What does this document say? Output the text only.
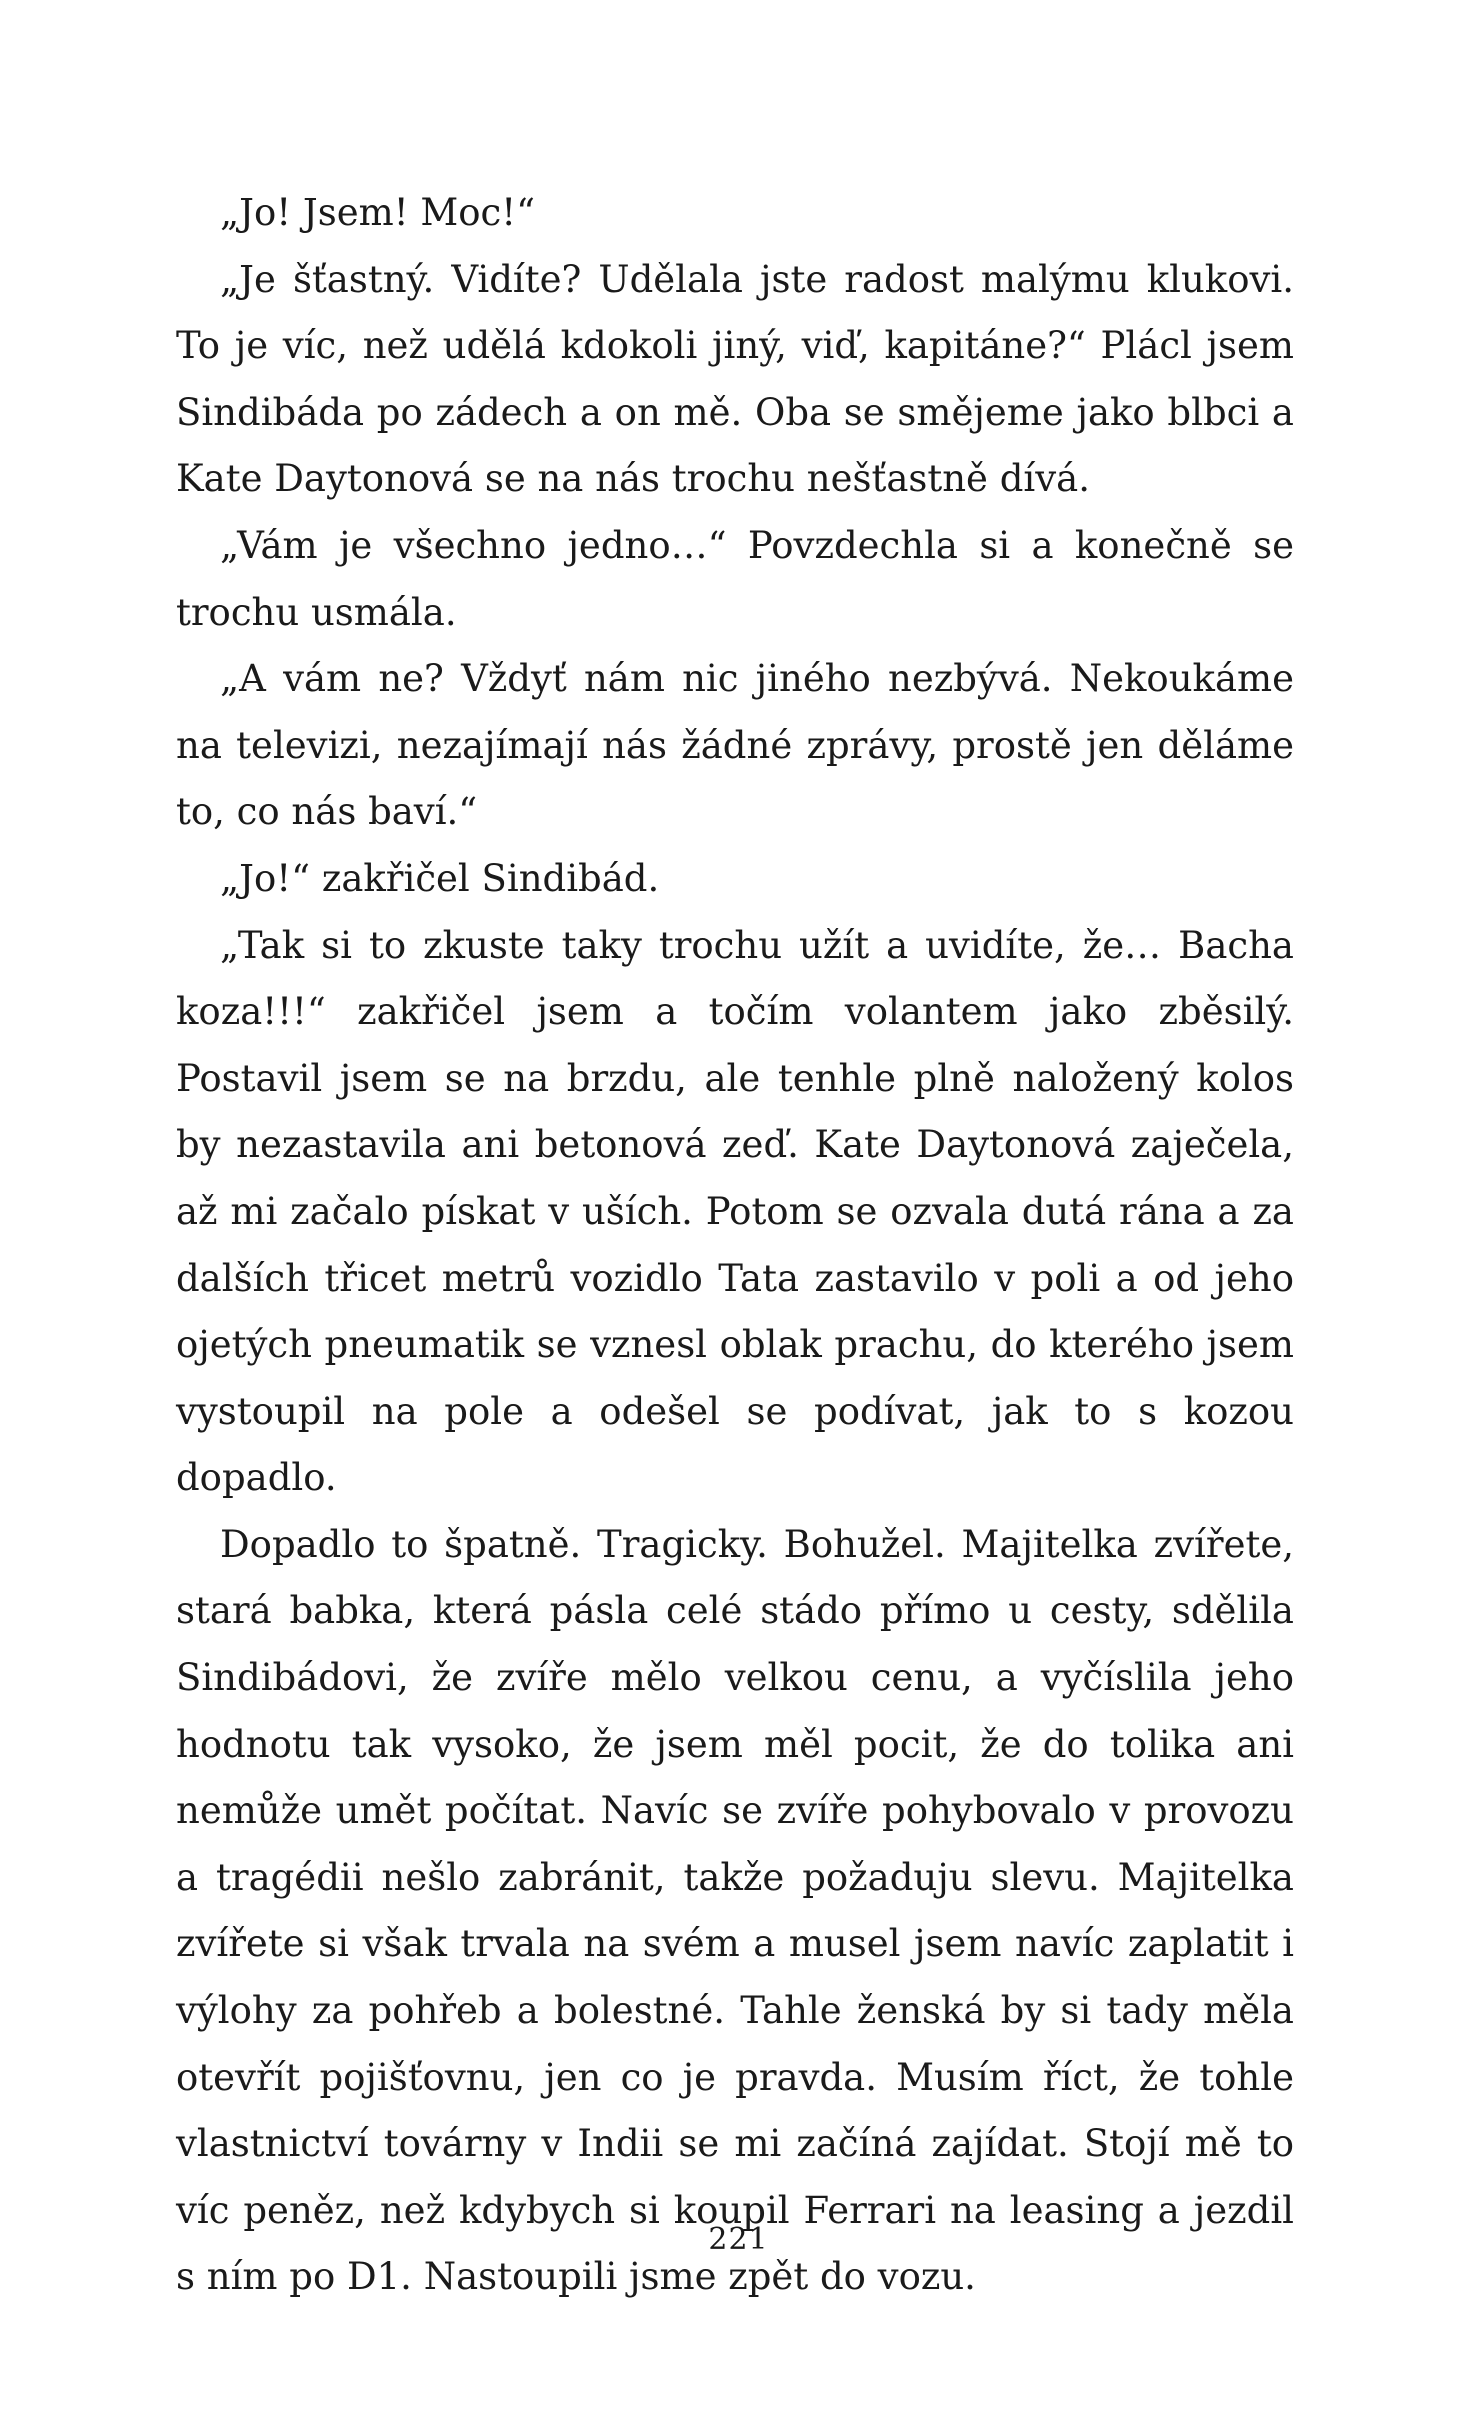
„Jo! Jsem! Moc!“

„Je šťastný. Vidíte? Udělala jste radost malýmu klukovi. To je víc, než udělá kdokoli jiný, viď, kapitáne?“ Plácl jsem Sindibáda po zádech a on mě. Oba se smějeme jako blbci a Kate Daytonová se na nás trochu nešťastně dívá.

„Vám je všechno jedno…“ Povzdechla si a konečně se trochu usmála.

„A vám ne? Vždyť nám nic jiného nezbývá. Nekoukáme na televizi, nezajímají nás žádné zprávy, prostě jen děláme to, co nás baví.“

„Jo!“ zakřičel Sindibád.

„Tak si to zkuste taky trochu užít a uvidíte, že… Bacha koza!!!“ zakřičel jsem a točím volantem jako zběsilý. Postavil jsem se na brzdu, ale tenhle plně naložený kolos by nezastavila ani betonová zeď. Kate Daytonová zaječela, až mi začalo pískat v uších. Potom se ozvala dutá rána a za dalších třicet metrů vozidlo Tata zastavilo v poli a od jeho ojetých pneumatik se vznesl oblak prachu, do kterého jsem vystoupil na pole a odešel se podívat, jak to s kozou dopadlo.

Dopadlo to špatně. Tragicky. Bohužel. Majitelka zvířete, stará babka, která pásla celé stádo přímo u cesty, sdělila Sindibádovi, že zvíře mělo velkou cenu, a vyčíslila jeho hodnotu tak vysoko, že jsem měl pocit, že do tolika ani nemůže umět počítat. Navíc se zvíře pohybovalo v provozu a tragédii nešlo zabránit, takže požaduju slevu. Majitelka zvířete si však trvala na svém a musel jsem navíc zaplatit i výlohy za pohřeb a bolestné. Tahle ženská by si tady měla otevřít pojišťovnu, jen co je pravda. Musím říct, že tohle vlastnictví továrny v Indii se mi začíná zajídat. Stojí mě to víc peněz, než kdybych si koupil Ferrari na leasing a jezdil s ním po D1. Nastoupili jsme zpět do vozu.

221
